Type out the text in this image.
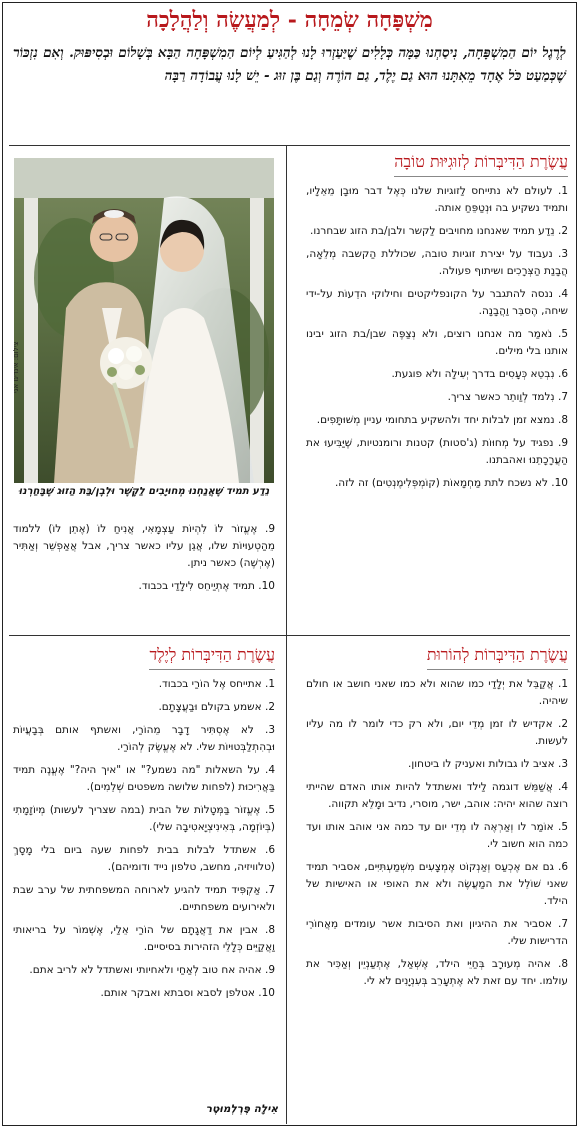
מִשְׁפָּחָה שְׂמֵחָה - לְמַעֲשֶׂה וְלַהֲלָכָה
לְרֶגֶל יוֹם הַמִשְׁפָּחָה, נִיסַחְנוּ כַּמָּה כְּלָלִים שֶׁיַּעַזְרוּ לָנוּ לְהַגִּיעַ לְיוֹם הַמִשְׁפָּחָה הַבָּא בְּשָׁלוֹם וּבְסִיפּוּק. וְאִם נִזְכּוֹר שֶׁכְּמַעַט כֹּל אֶחָד מֵאִתָּנוּ הוּא גַם יֶלֶד, גַם הוֹרֶה וְגַם בֶּן זוּג - יֵשׁ לָנוּ עֲבוֹדָה רַבָּה
עֲשֶׂרֶת הַדִּיבְּרוֹת לְזוּגִיּוּת טוֹבָה
1. לעולם לא נתייחס לַזוגיות שלנו כְּאֶל דבר מוּבָן מֵאֵלָיו, ותמיד נשקיע בה וּנְטַפֵּחַ אותה.
2. נֵדַע תמיד שאנחנו מחויבים לַקשר ולבן/בת הזוג שבחרנו.
3. נעבוד על יצירת זוגיות טובה, שכוללת הַקשבה מְלֵאָה, הֲבָנַת הַצְּרָכִים ושיתוף פעולה.
4. ננסה להתגבר על הקונפליקטים וחילוקי הדֵעוֹת על-ידי שיחה, הֶסבֵּר וַהֲבָנָה.
5. נֹאמַר מה אנחנו רוצים, ולא נְצַפֶּה שבן/בת הזוג יבינו אותנו בלי מילים.
6. נִבְטֵא כְּעָסִים בדרך יְעִילָה ולא פוגעת.
7. נִלמד לְוַותֵר כאשר צריך.
8. נמצא זמן לבלות יחד ולהשקיע בתחומי עניין מְשׁוּתָּפִים.
9. נפגיד על מְחוּוֹת (ג'סטות) קטנות ורומנטיות, שֶׁיַּבִּיעוּ את הַעֲרָכָתֵנוּ ואהבתנו.
10. לא נשכח לתת מַחְמָאוֹת (קוֹמְפְּלִימֶנְטִים) זה לזה.
צילום: אינדיגו אגי
נֵדַע תמיד שֶׁאֲנַחְנוּ מְחוּיָבִים לַקֶשֶׁר וּלְבֶן/בַּת הַזוּג שֶׁבָּחַרְנוּ
9. אֶעֱזוֹר לוֹ לִהְיוֹת עַצְמָאִי, אֲנִיחַ לוֹ (אֶתֵן לוֹ) ללמוד מֵהַטְעוּיוֹת שלו, אֲגֵן עליו כאשר צריך, אבל אֲאַפְשֵׁר וְאַתִּיר (אֶרְשֶׁה) כאשר ניתן.
10. תמיד אֶתְיַיחֵס לִילָדַי בכבוד.
עֲשֶׂרֶת הַדִּיבְּרוֹת לְיֶלֶד
1. אתייחס אֶל הוֹרַי בכבוד.
2. אשמע בקולם וּבַעֲצָתָם.
3. לא אֶסְתִּיר דָבָר מֵהוֹרַי, ואשתף אותם בְּבָעֲיוֹת וּבְהִתְלַבְּטוּיוֹת שלי. לא אֶעֱשֶׂק לְהוֹרַי.
4. על השאלות "מה נשמע?" או "איך היה?" אֶעֱנֶה תמיד בַּאֲרִיכוּת (לפחות שלושה משפטים שְׁלֵמִים).
5. אֶעֱזוֹר בַּמְּטָלוֹת של הבית (במה שצריך לעשות) מְיוֹזָמָתִי (בְּיוֹזְמָה, בְּאִינִיצְיָאטִיבָה שלי).
6. אשתדל לבלות בבית לפחות שעה ביום בלי מָסָךְ (טלוויזיה, מחשב, טלפון נייד ודומיהם).
7. אַקְפִּיד תמיד להגיע לארוחה המשפחתית של ערב שבת ולאירועים משפחתיים.
8. אבין את דַאֲגָתָם של הוֹרַי אֵלַי, אֶשְׁמוֹר על בריאותי וַאֲקַיֵּים כְּלָלֵי הזהירות בסיסיים.
9. אהיה אח טוב לְאַחַי ולאחיותי ואשתדל לא לריב אתם.
10. אטלפן לסבא וסבתא ואבקר אותם.
עֲשֶׂרֶת הַדִּיבְּרוֹת לְהוֹרוּת
1. אֲקַבֵּל את יְלָדַי כמו שהוא ולא כמו שאני חושב או חולם שיהיה.
2. אקדיש לו זמן מְדֵי יום, ולא רק כדי לומר לו מה עליו לעשות.
3. אציב לו גבולות ואעניק לו ביטחון.
4. אֲשַׁמֵּשׁ דוגמה לַילד ואשתדל להיות אותו האדם שהייתי רוצה שהוא יהיה: אוהב, ישר, מוסרי, נדיב וּמָלֵא תקווה.
5. אוֹמַר לו וְאַרְאֶה לו מְדֵי יום עד כמה אני אוהב אותו ועד כמה הוא חשוב לי.
6. גם אם אֶכְעַס וְאַנְקוֹט אֶמְצָעִים מִשְׁמַעְתִּיִּים, אסביר תמיד שאני שׁוֹלֵל את המַעֲשֶׂה ולא את האופי או האישיות של הילד.
7. אסביר את ההיגיון ואת הסיבות אשר עומדים מֵאֲחוֹרֵי הדרישות שלי.
8. אהיה מְעוּרָב בְּחַיֵּי הילד, אֶשְׁאַל, אֶתְעַנְיֵין וְאַכִּיר את עולמו. יחד עם זאת לא אֶתְעָרֵב בְּעִנְיָנִים לא לי.
אִילָה פֶּרְלְמוּטֶר
